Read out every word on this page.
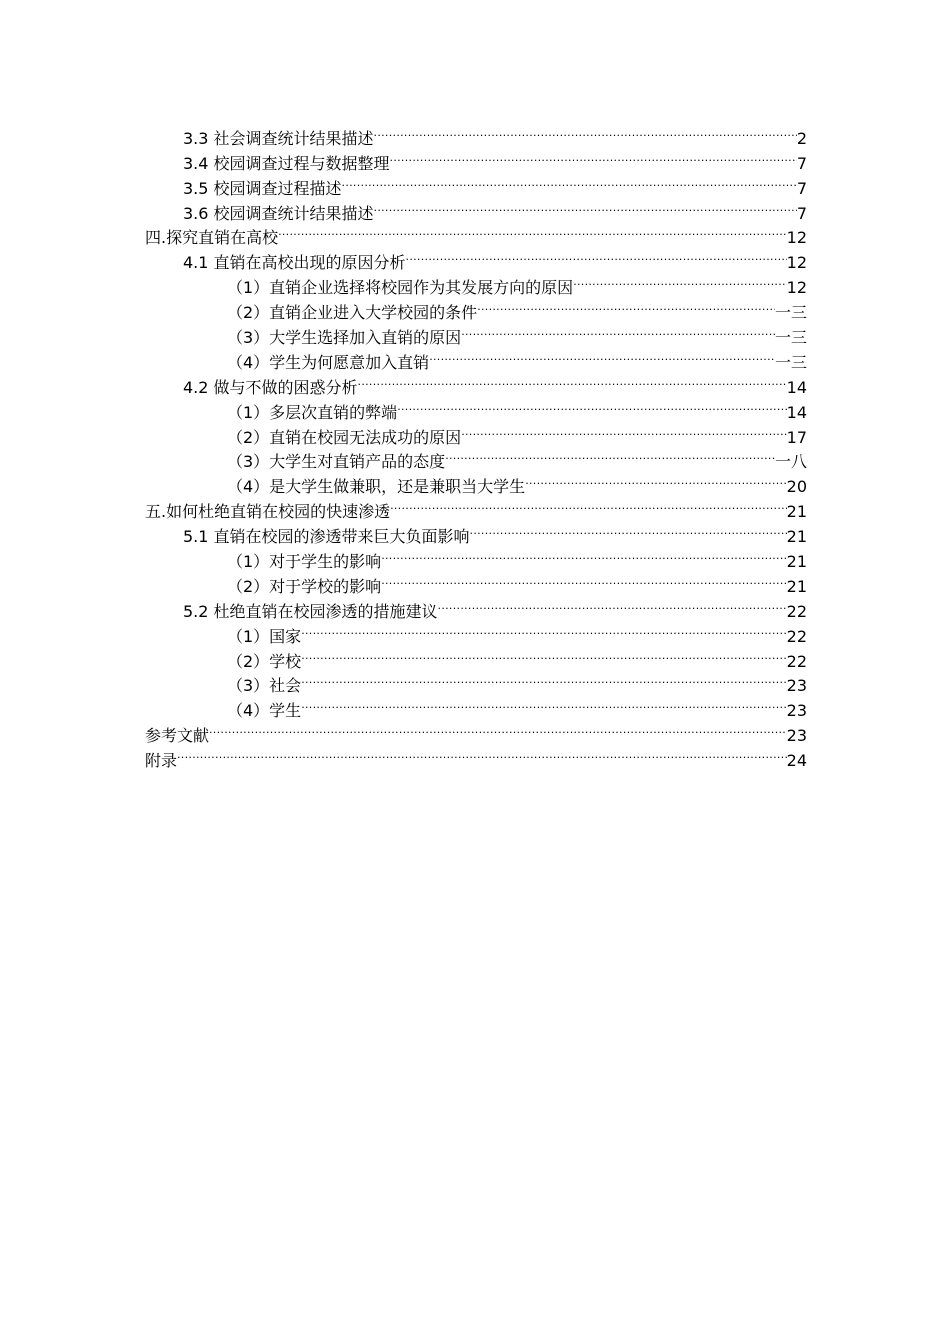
3.3 社会调查统计结果描述 ·····	2
3.4 校园调查过程与数据整理 ·····	7
3.5 校园调查过程描述 ·····	7
3.6 校园调查统计结果描述 ·····	7
四.探究直销在高校 ·····	12
4.1 直销在高校出现的原因分析 ·····	12
（1）直销企业选择将校园作为其发展方向的原因 ·····	12
（2）直销企业进入大学校园的条件 ·····	一三
（3）大学生选择加入直销的原因 ·····	一三
（4）学生为何愿意加入直销 ·····	一三
4.2 做与不做的困惑分析 ·····	14
（1）多层次直销的弊端 ·····	14
（2）直销在校园无法成功的原因 ·····	17
（3）大学生对直销产品的态度 ·····	一八
（4）是大学生做兼职，还是兼职当大学生 ·····	20
五.如何杜绝直销在校园的快速渗透 ·····	21
5.1 直销在校园的渗透带来巨大负面影响 ·····	21
（1）对于学生的影响 ·····	21
（2）对于学校的影响 ·····	21
5.2 杜绝直销在校园渗透的措施建议 ·····	22
（1）国家 ·····	22
（2）学校 ·····	22
（3）社会 ·····	23
（4）学生 ·····	23
参考文献 ·····	23
附录 ·····	24
